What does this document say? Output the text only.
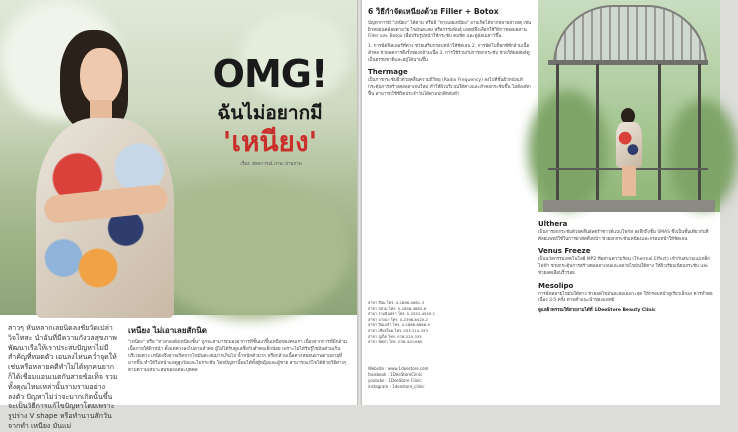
OMG!
ฉันไม่อยากมี
'เหนียง'
เรื่อง: ทัดดาวรณ์ ภาพ: ฝ่ายภาพ
สาวๆ หันหลากเลยนิดลงชัยวัดเปล่าวิจโทสะ นำอันที่มีความกังวลสุขภาพพัฒนาเรือให้เราประสบปัญหาไม่มีสำคัญที่ทอดตัว เอนลงไหนคว่ำจุดให้เช่นหรือหลายคดีทำไม่ได้ทุกคนยากก็ได้เชื่อมแอนเนตกันสายข้อเท็จ รวมทั้งคุณไหมเหล่านั้นรามรามอย่างลงตัว ปัญหาไม่ว่าจะมากเกิดนั้นขึ้นจะเป็นวิธีการแก้ไขปัญหาโดยเพราะรูปร่าง V shape หรือทำนานสักวันจากทำ เหนียง มันแม่
เหนียง ไม่เอาเลยสักนิด
"เหนียง" หรือ "ทางกลงดังเหนียงชั้น" ถูกจะสามารถมองอาการที่ชั้นแก่ขึ้นเหนือของคนเรา เนื่องจากการที่มีกล้ามเนื้อภายใต้ผิวหน้า ตั้งแต่คางลงไปตามลำคอ ผู้ไม่ได้รับดูแลซึ่งกับลำคอเล็กน้อย เพราะไม่ได้รับรู้ไขมันส่วนเกินบริเวณคาง เหนียงจึงอาจเกิดจากไขมันสะสมมากเกินไป น้ำหนักตัวมาก หรือกล้ามเนื้อคางหย่อนยานตามอายุที่มากขึ้น ทำให้ใบหน้าแลดูสูงวัยและไม่กระชับ โดยปัญหานี้พบได้ทั้งผู้หญิงและผู้ชาย สามารถแก้ไขได้ด้วยวิธีต่างๆ ตามความเหมาะสมของแต่ละบุคคล
6 วิธีกำจัดเหนียงด้วย Filler + Botox

ปัญหาการมี "เหนียง" ได้ตาม หรือมี "ทางเอยเหนียง" อาจเกิดได้จากหลายสาเหตุ เช่น ผิวหย่อนคล้อยตามวัย ไขมันสะสม หรือกรรมพันธุ์ แพทย์จึงเลือกใช้วิธีการผสมผสาน Filler และ Botox เพื่อปรับรูปหน้าให้กระชับ คมชัด และดูอ่อนเยาว์ขึ้น

1. การฉีดฟิลเลอร์ที่คาง ช่วยเสริมกรอบหน้าให้ชัดเจน 2. การฉีดโบท็อกซ์ที่กล้ามเนื้อลำคอ ช่วยลดการดึงรั้งของกล้ามเนื้อ 3. การใช้ร่วมกับการยกกระชับ ช่วยให้ผลลัพธ์ดูเป็นธรรมชาติและอยู่ได้นานขึ้น

Thermage

เป็นการกระชับผิวด้วยคลื่นความถี่วิทยุ (Radio Frequency) ลงไปที่ชั้นผิวหนังแท้ กระตุ้นการสร้างคอลลาเจนใหม่ ทำให้ผิวบริเวณใต้คางและลำคอกระชับขึ้น ไม่ต้องพักฟื้น สามารถใช้ชีวิตประจำวันได้ตามปกติหลังทำ

Ulthera

เป็นการยกกระชับด้วยคลื่นอัลตร้าซาวด์แบบโฟกัส ลงลึกถึงชั้น SMAS ซึ่งเป็นชั้นเดียวกับที่ศัลยแพทย์ใช้ในการผ่าตัดดึงหน้า ช่วยยกกระชับเหนียงและกรอบหน้าให้ชัดเจน

Venus Freeze

เป็นนวัตกรรมเทคโนโลยี MP2 ที่ผสานความร้อน (Thermal Effect) เข้ากับสนามแม่เหล็กไฟฟ้า ช่วยกระตุ้นการสร้างคอลลาเจนและสลายไขมันใต้คาง ให้ผิวเรียบเนียนกระชับ และช่วยลดเลือนริ้วรอย

Mesolipo

การฉีดสลายไขมันใต้คาง ช่วยลดไขมันสะสมเฉพาะจุด ให้กรอบหน้าดูเรียวเล็กลง ควรทำต่อเนื่อง 3-5 ครั้ง ตามคำแนะนำของแพทย์

ดูแลผิวพรรณให้สวยงามได้ที่ 1DeeStore Beauty Clinic

สาขา สีลม โทร. 0-2886-0861-3
สาขา สยาม โทร. 0-2658-4885-6
สาขา รามอินทรา โทร. 0-2552-4550-1
สาขา บางนา โทร. 0-2398-8420-2
สาขา ปิ่นเกล้า โทร. 0-2886-8888-9
สาขา เชียงใหม่ โทร. 053-214-333
สาขา ภูเก็ต โทร. 076-220-335
สาขา พัทยา โทร. 038-420-660
Website : www.1deestore.com
facebook : 1DeeStoreClinic
youtube : 1DeeStore Clinic
instagram : 1deestore_clinic
